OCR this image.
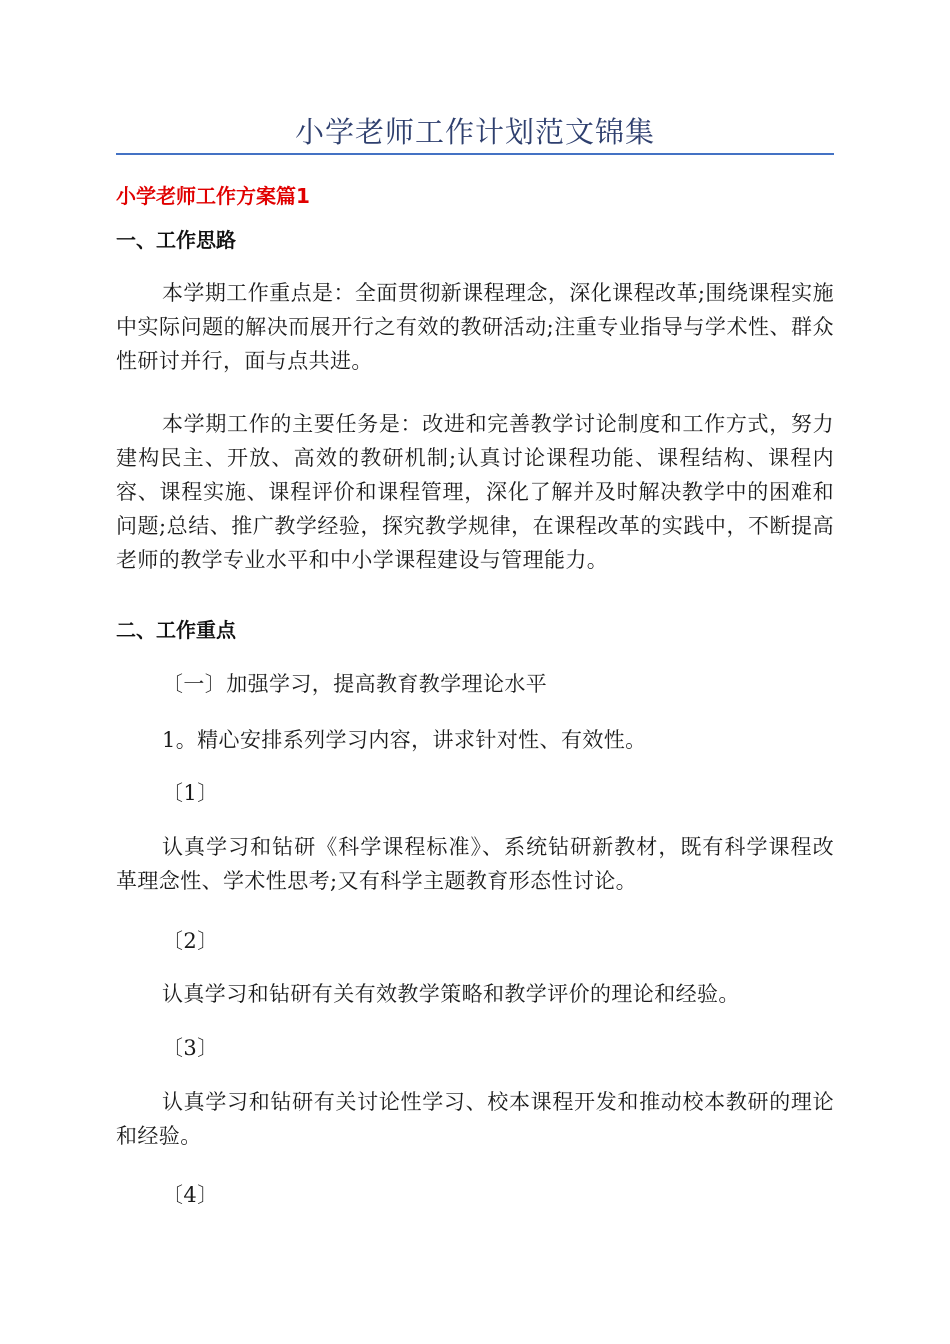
小学老师工作计划范文锦集
小学老师工作方案篇1
一、工作思路

本学期工作重点是：全面贯彻新课程理念，深化课程改革;围绕课程实施中实际问题的解决而展开行之有效的教研活动;注重专业指导与学术性、群众性研讨并行，面与点共进。

本学期工作的主要任务是：改进和完善教学讨论制度和工作方式，努力建构民主、开放、高效的教研机制;认真讨论课程功能、课程结构、课程内容、课程实施、课程评价和课程管理，深化了解并及时解决教学中的困难和问题;总结、推广教学经验，探究教学规律，在课程改革的实践中，不断提高老师的教学专业水平和中小学课程建设与管理能力。

二、工作重点
〔一〕加强学习，提高教育教学理论水平
1。精心安排系列学习内容，讲求针对性、有效性。
〔1〕

认真学习和钻研《科学课程标准》、系统钻研新教材，既有科学课程改革理念性、学术性思考;又有科学主题教育形态性讨论。

〔2〕

认真学习和钻研有关有效教学策略和教学评价的理论和经验。

〔3〕

认真学习和钻研有关讨论性学习、校本课程开发和推动校本教研的理论和经验。

〔4〕
